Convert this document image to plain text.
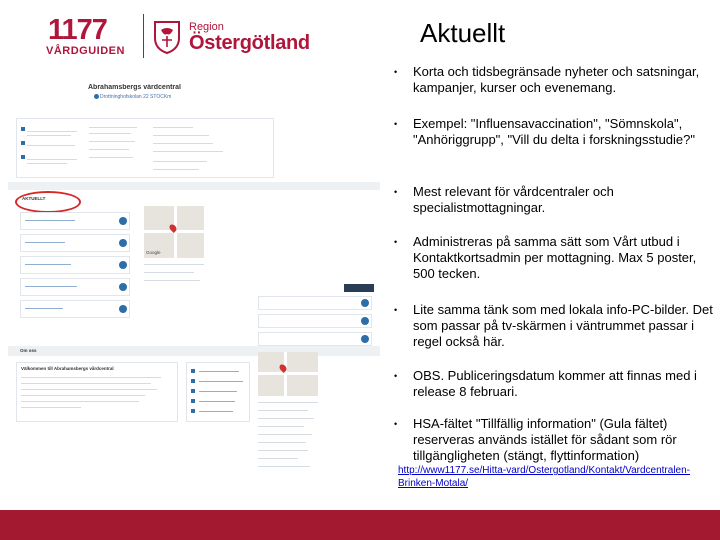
1177
VÅRDGUIDEN
Region
Östergötland	Aktuellt
Abrahamsbergs vårdcentral
Drottninghofskolan 22 STOCKm
AKTUELLT
Google
Om oss
Välkommen till Abrahamsbergs vårdcentral
• Korta och tidsbegränsade nyheter och satsningar, kampanjer, kurser och evenemang.
• Exempel: "Influensavaccination", "Sömnskola", "Anhöriggrupp", "Vill du delta i forskningsstudie?"
• Mest relevant för vårdcentraler och specialistmottagningar.
• Administreras på samma sätt som Vårt utbud i Kontaktkortsadmin per mottagning. Max 5 poster, 500 tecken.
• Lite samma tänk som med lokala info-PC-bilder. Det som passar på tv-skärmen i väntrummet passar i regel också här.
• OBS. Publiceringsdatum kommer att finnas med i release 8 februari.
• HSA-fältet "Tillfällig information" (Gula fältet) reserveras används istället för sådant som rör tillgängligheten (stängt, flyttinformation)
http://www1177.se/Hitta-vard/Ostergotland/Kontakt/Vardcentralen-Brinken-Motala/
